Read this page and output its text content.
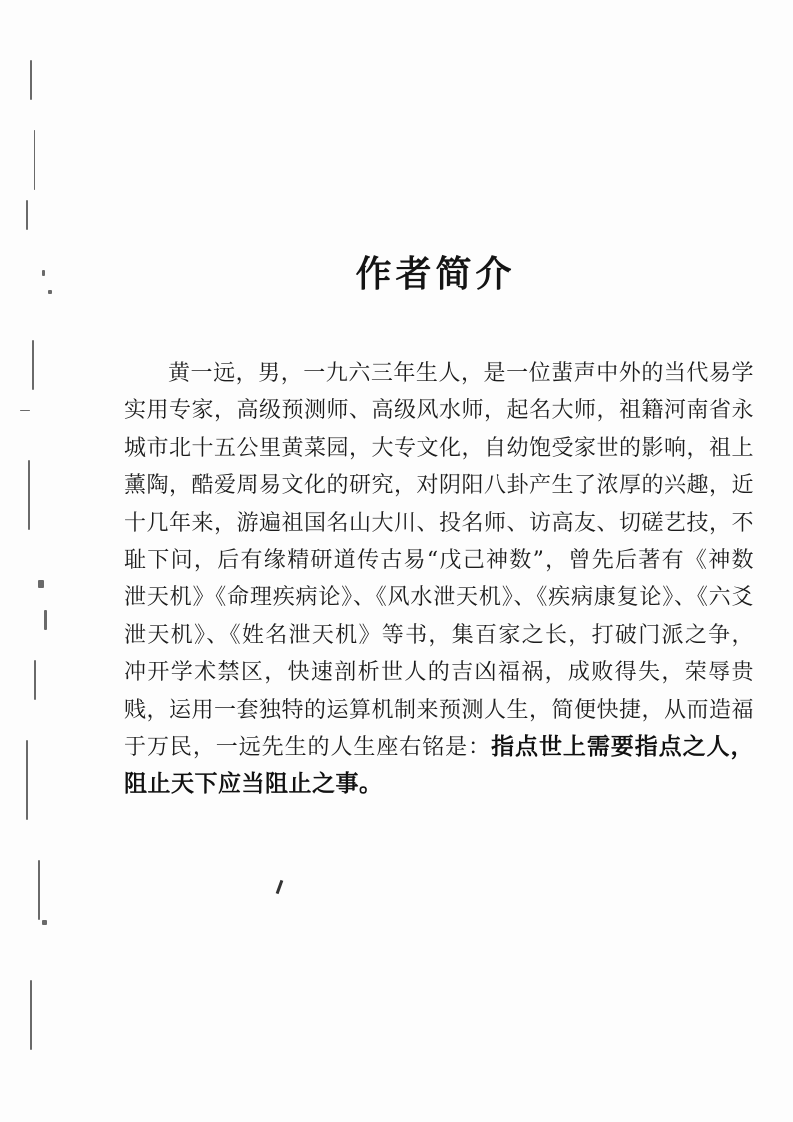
作者简介

黄一远，男，一九六三年生人，是一位蜚声中外的当代易学实用专家，高级预测师、高级风水师，起名大师，祖籍河南省永城市北十五公里黄菜园，大专文化，自幼饱受家世的影响，祖上薰陶，酷爱周易文化的研究，对阴阳八卦产生了浓厚的兴趣，近十几年来，游遍祖国名山大川、投名师、访高友、切磋艺技，不耻下问，后有缘精研道传古易“戊己神数”，曾先后著有《神数泄天机》《命理疾病论》、《风水泄天机》、《疾病康复论》、《六爻泄天机》、《姓名泄天机》等书，集百家之长，打破门派之争，冲开学术禁区，快速剖析世人的吉凶福祸，成败得失，荣辱贵贱，运用一套独特的运算机制来预测人生，简便快捷，从而造福于万民，一远先生的人生座右铭是：指点世上需要指点之人，阻止天下应当阻止之事。
